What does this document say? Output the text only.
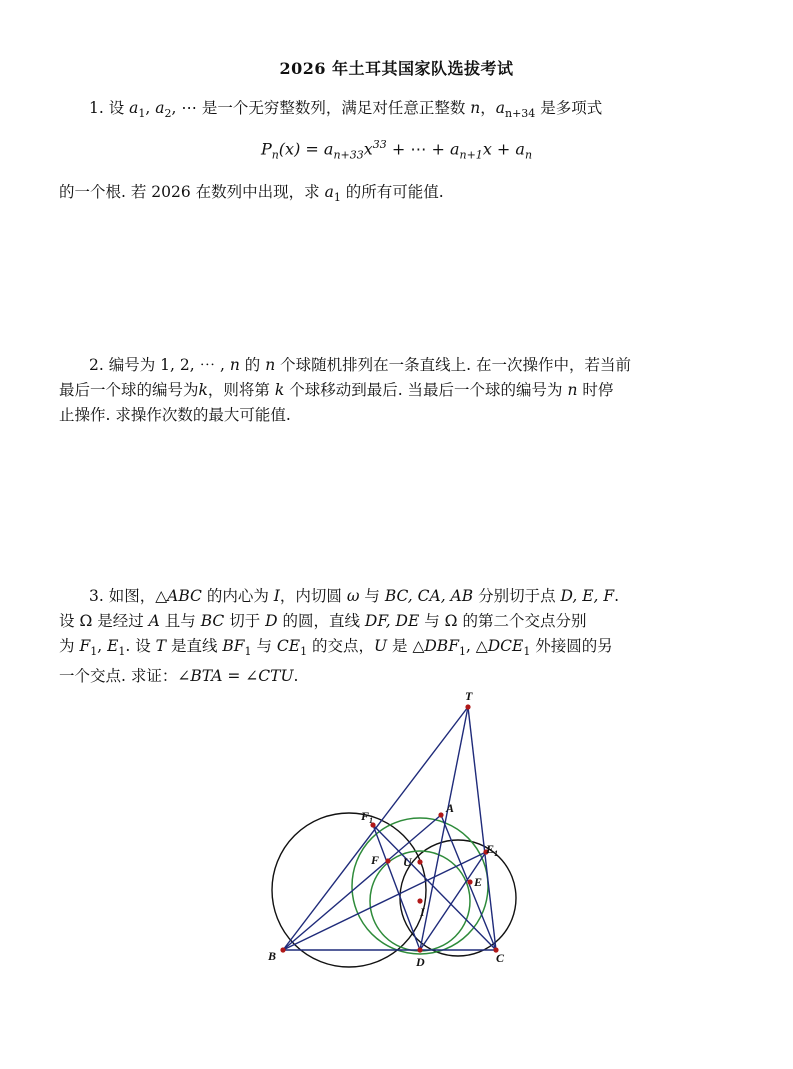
2026 年土耳其国家队选拔考试
1. 设 $a_1$, $a_2$, ⋯ 是一个无穷整数列，满足对任意正整数 n，$a_{n+34}$ 是多项式
$P_n(x) = a_{n+33}x^{33}$ + ⋯ + $a_{n+1}x + a_n$
的一个根. 若 2026 在数列中出现，求 $a_1$ 的所有可能值.
2. 编号为 1, 2, ⋯ , n 的 n 个球随机排列在一条直线上. 在一次操作中，若当前
最后一个球的编号为k，则将第 k 个球移动到最后. 当最后一个球的编号为 n 时停
止操作. 求操作次数的最大可能值.
3. 如图，△ABC 的内心为 I，内切圆 ω 与 BC, CA, AB 分别切于点 D, E, F.
设 Ω 是经过 A 且与 BC 切于 D 的圆，直线 DF, DE 与 Ω 的第二个交点分别
为 $F_1$, $E_1$. 设 T 是直线 $BF_1$ 与 $CE_1$ 的交点，U 是 $\triangle DBF_1$, $\triangle DCE_1$ 外接圆的另
一个交点. 求证：∠BTA = ∠CTU.
T
A
$F_1$
$E_1$
F U
E
I
B	D	C
